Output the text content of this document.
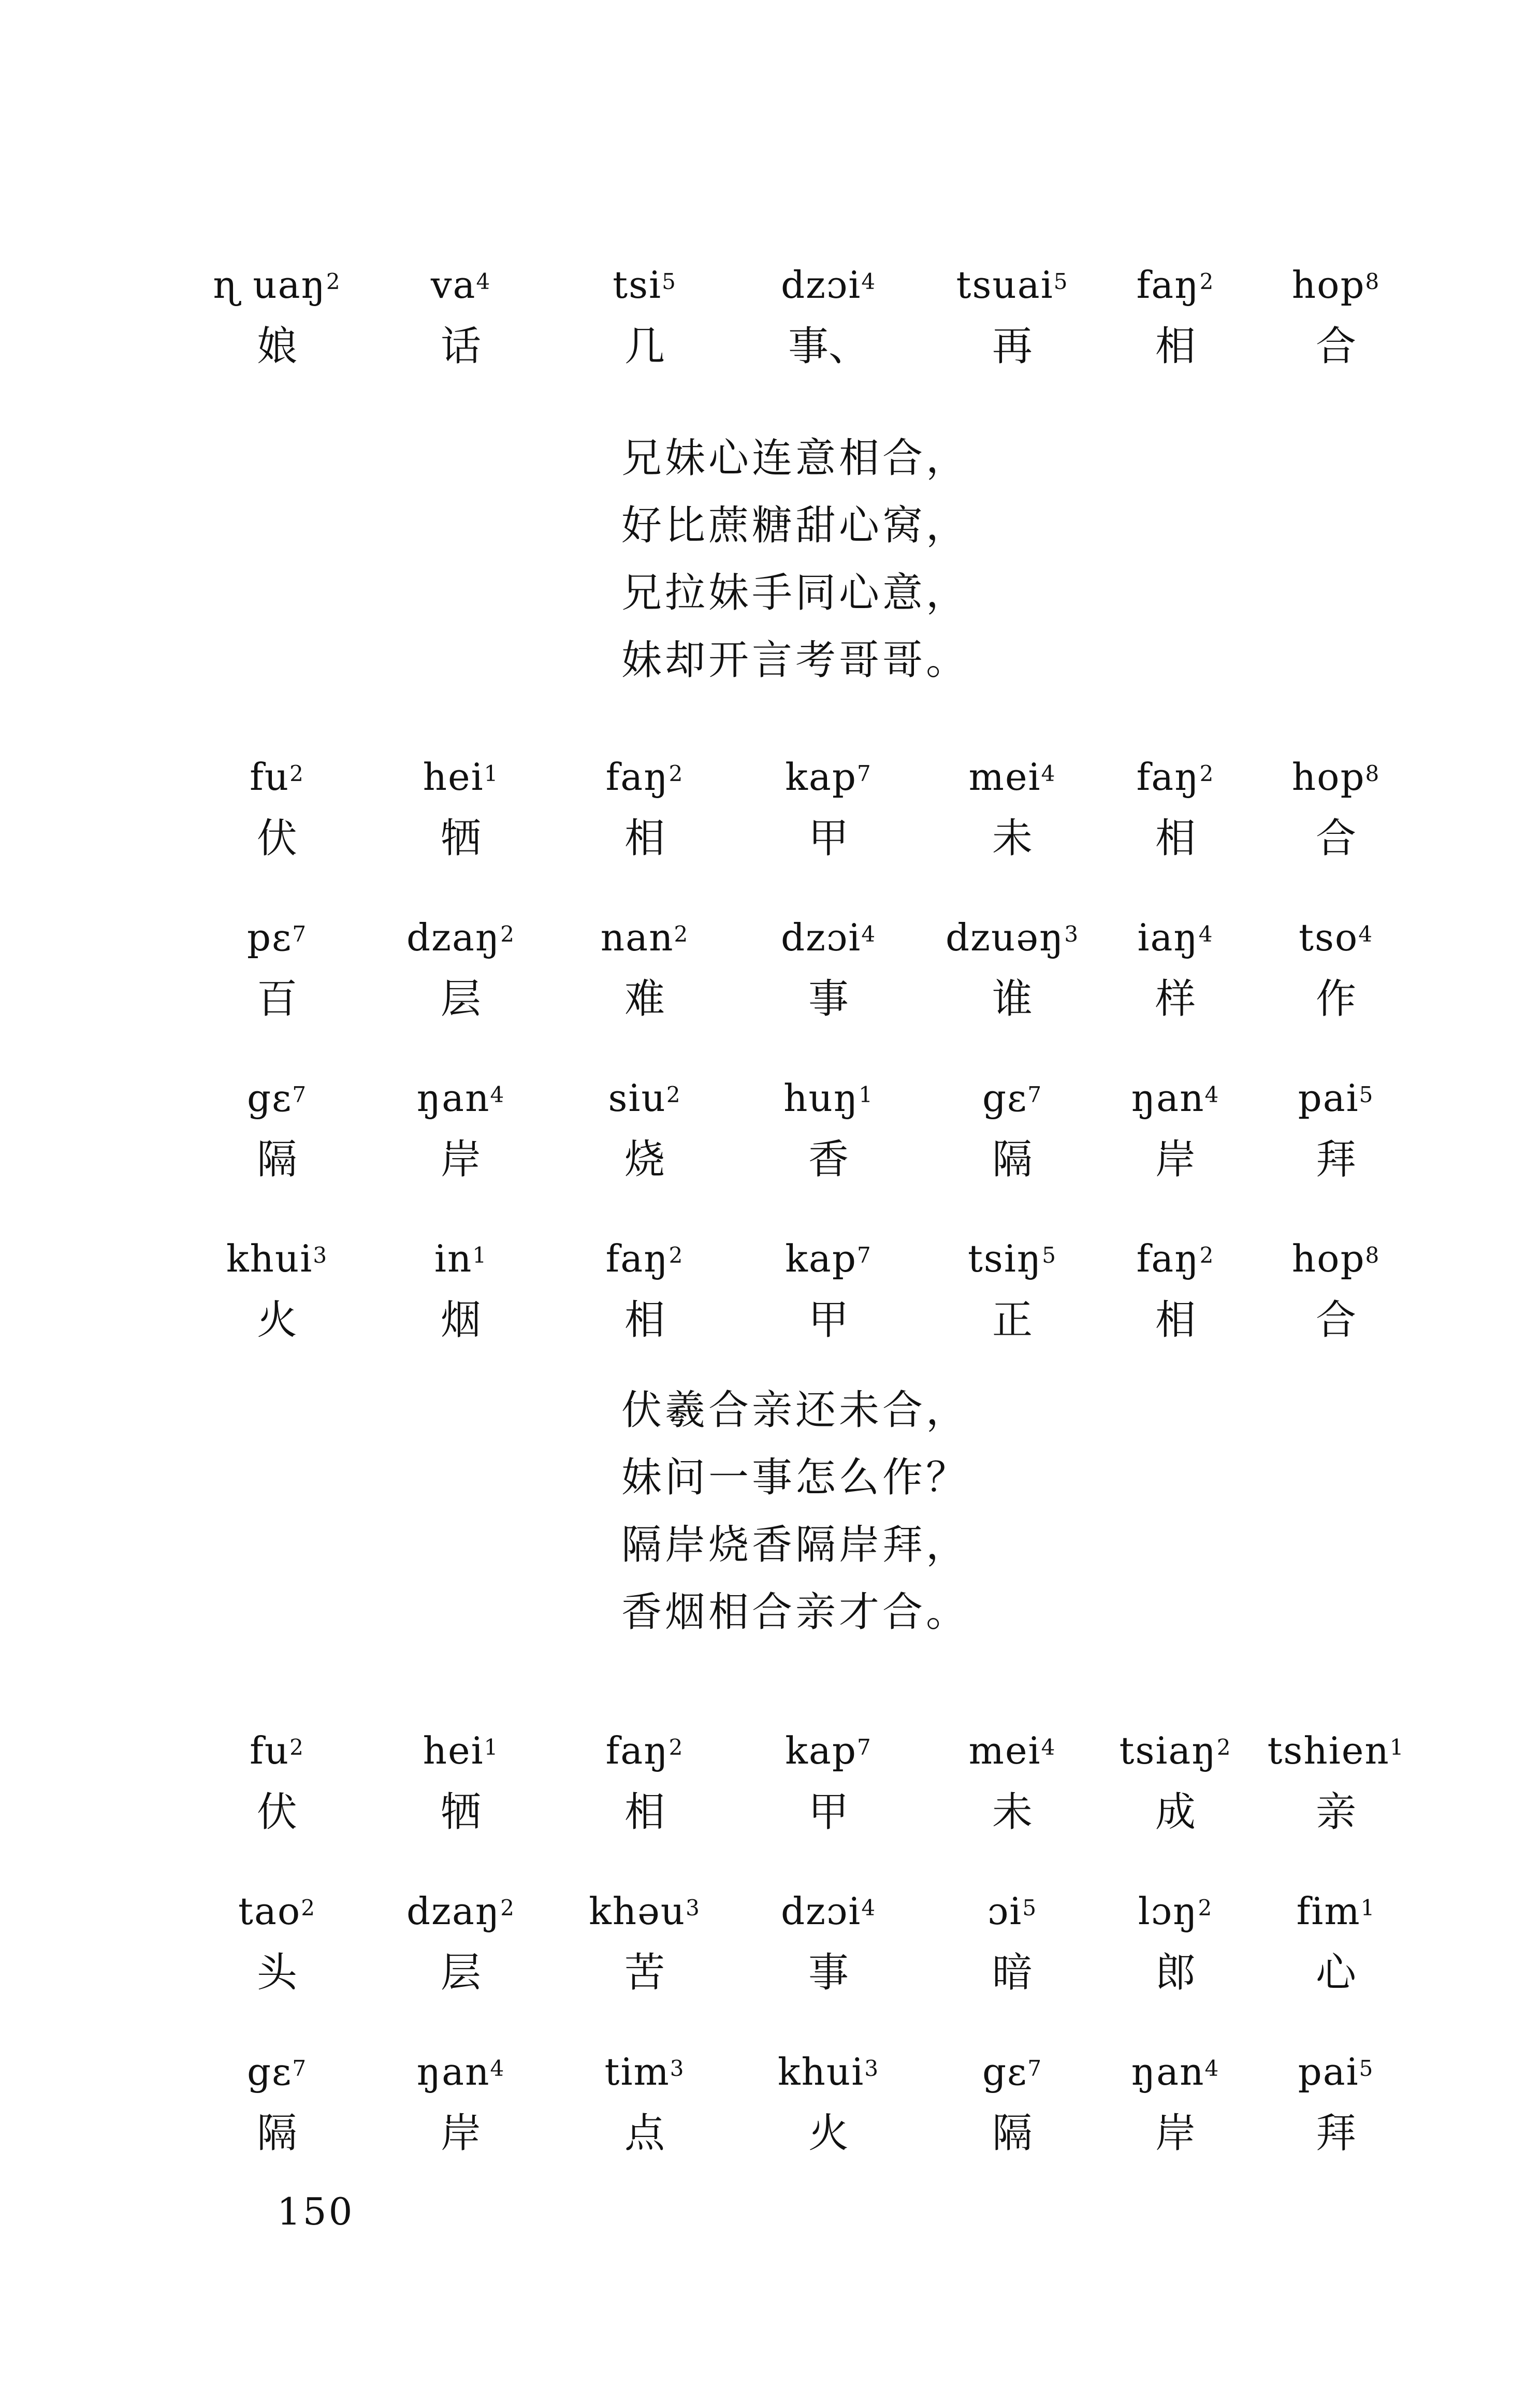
ɳ uaŋ$^2$
娘
$va^4$
话
tsi$^5$
几
dzɔi$^4$
事、
tsuai$^5$
再
faŋ$^2$
相
hop$^8$
合
$fu^2$
伏
hei$^1$
牺
faŋ$^2$
相
kap$^7$
甲
mei$^4$
未
faŋ$^2$
相
hop$^8$
合
pɛ$^7$
百
dzaŋ$^2$
层
nan$^2$
难
dzɔi$^4$
事
dzuəŋ$^3$
谁
iaŋ$^4$
样
tso$^4$
作
gɛ$^7$
隔
ŋan$^4$
岸
siu$^2$
烧
huŋ$^1$
香
gɛ$^7$
隔
ŋan$^4$
岸
pai$^5$
拜
khui$^3$
火
$in^1$
烟
faŋ$^2$
相
kap$^7$
甲
tsiŋ$^5$
正
faŋ$^2$
相
hop$^8$
合
$fu^2$
伏
hei$^1$
牺
faŋ$^2$
相
kap$^7$
甲
mei$^4$
未
tsiaŋ$^2$
成
tshien$^1$
亲
tao$^2$
头
dzaŋ$^2$
层
khəu$^3$
苦
dzɔi$^4$
事
ɔi$^5$
暗
lɔŋ$^2$
郎
fim$^1$
心
gɛ$^7$
隔
ŋan$^4$
岸
tim$^3$
点
khui$^3$
火
gɛ$^7$
隔
ŋan$^4$
岸
pai$^5$
拜
兄妹心连意相合，
好比蔗糖甜心窝，
兄拉妹手同心意，
妹却开言考哥哥。
伏羲合亲还未合，
妹问一事怎么作？
隔岸烧香隔岸拜，
香烟相合亲才合。
150
